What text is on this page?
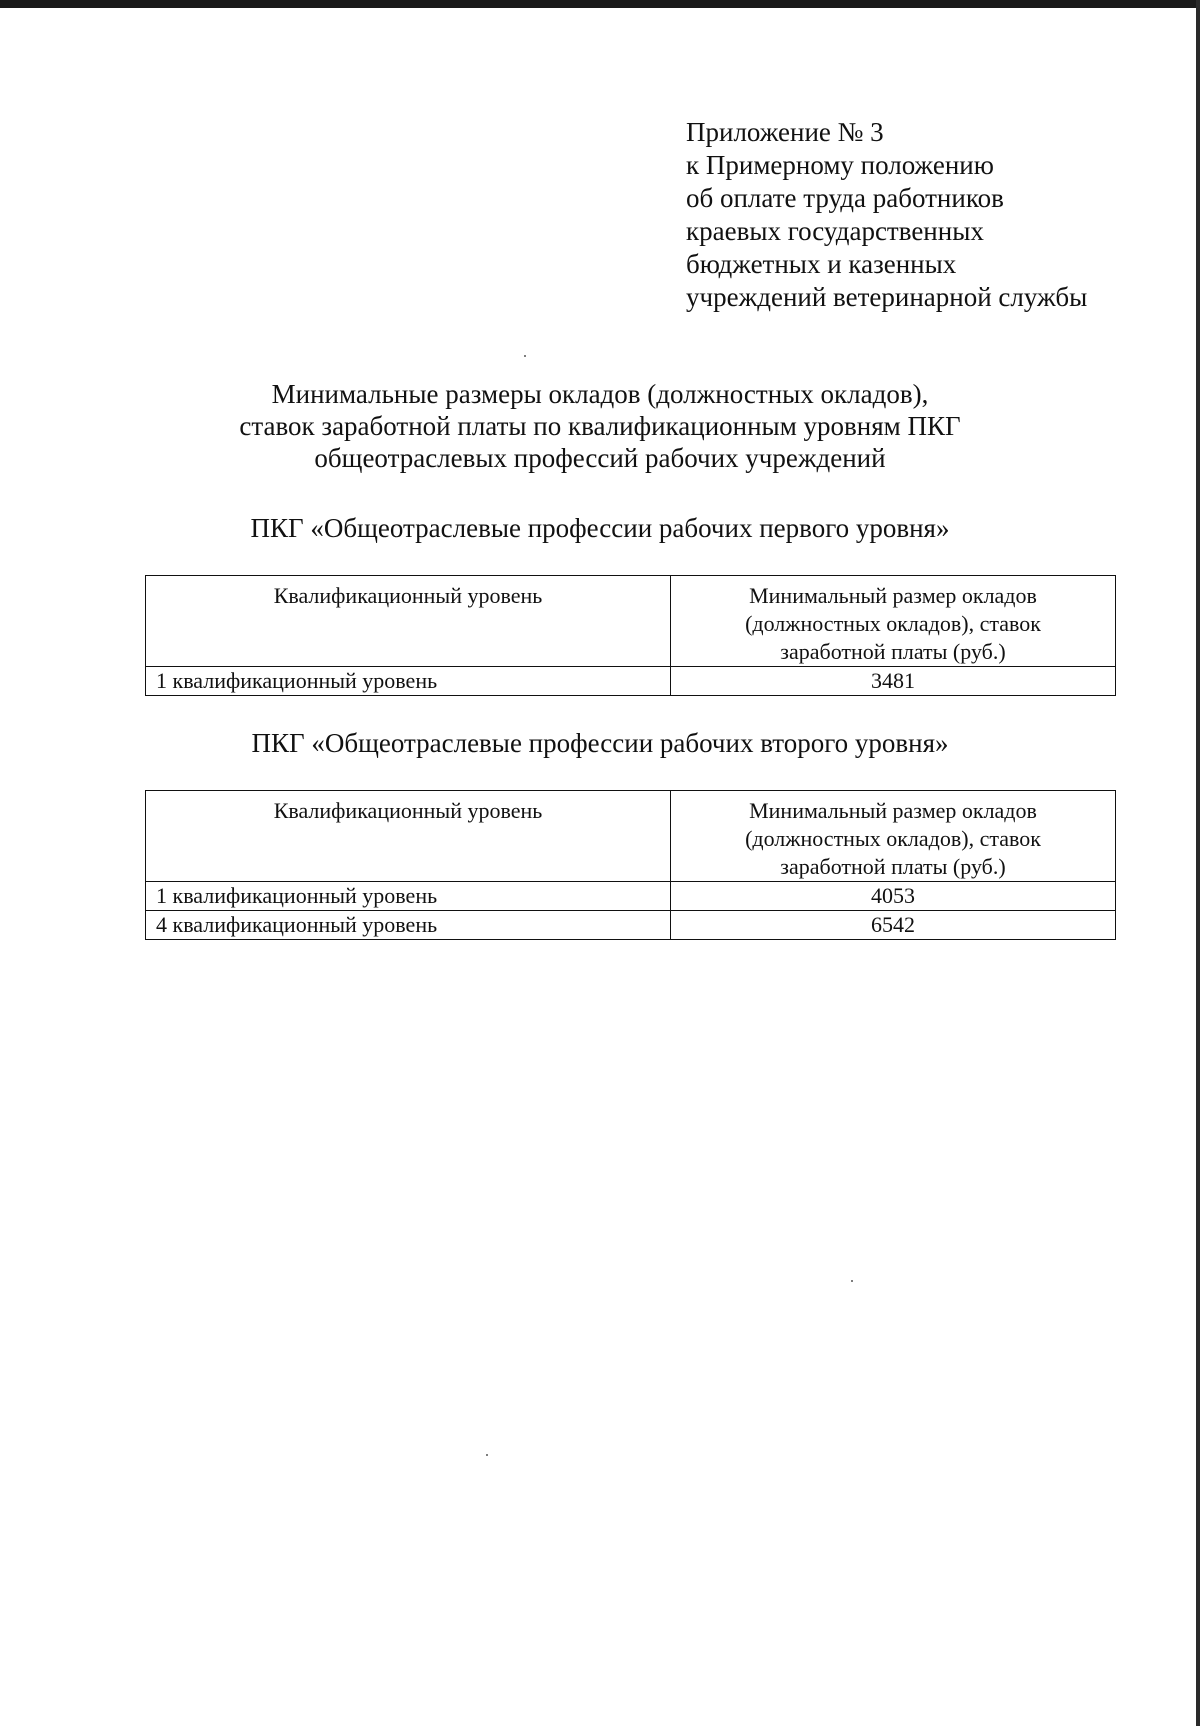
Приложение № 3
к Примерному положению
об оплате труда работников
краевых государственных
бюджетных и казенных
учреждений ветеринарной службы
Минимальные размеры окладов (должностных окладов),
ставок заработной платы по квалификационным уровням ПКГ
общеотраслевых профессий рабочих учреждений
ПКГ «Общеотраслевые профессии рабочих первого уровня»
Квалификационный уровень	Минимальный размер окладов
(должностных окладов), ставок
заработной платы (руб.)

1 квалификационный уровень	3481
ПКГ «Общеотраслевые профессии рабочих второго уровня»
Квалификационный уровень	Минимальный размер окладов
(должностных окладов), ставок
заработной платы (руб.)

1 квалификационный уровень	4053
4 квалификационный уровень	6542
